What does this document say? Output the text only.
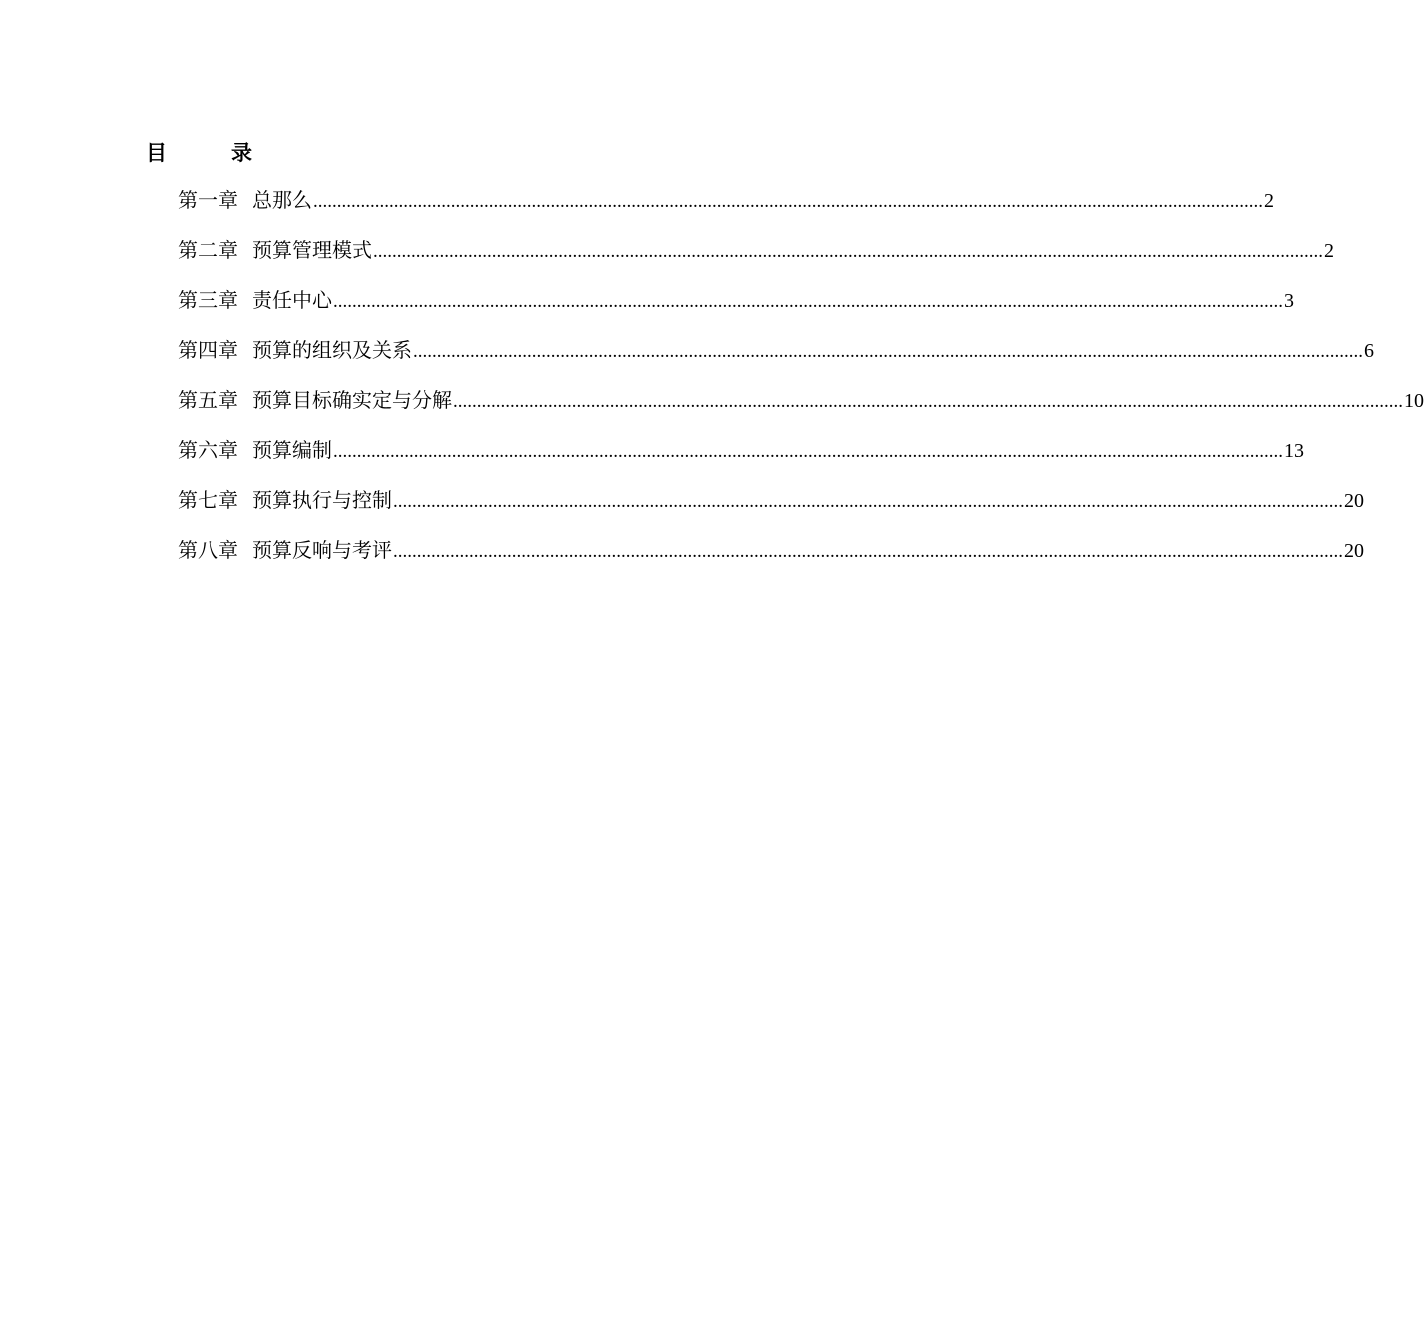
目	录
第一章 总那么 ........................................................................................................................................................................................................ 2
第二章 预算管理模式 ........................................................................................................................................................................................................ 2
第三章 责任中心 ........................................................................................................................................................................................................ 3
第四章 预算的组织及关系 ........................................................................................................................................................................................................ 6
第五章 预算目标确实定与分解 ........................................................................................................................................................................................................ 10
第六章 预算编制 ........................................................................................................................................................................................................ 13
第七章 预算执行与控制 ........................................................................................................................................................................................................ 20
第八章 预算反响与考评 ........................................................................................................................................................................................................ 20
